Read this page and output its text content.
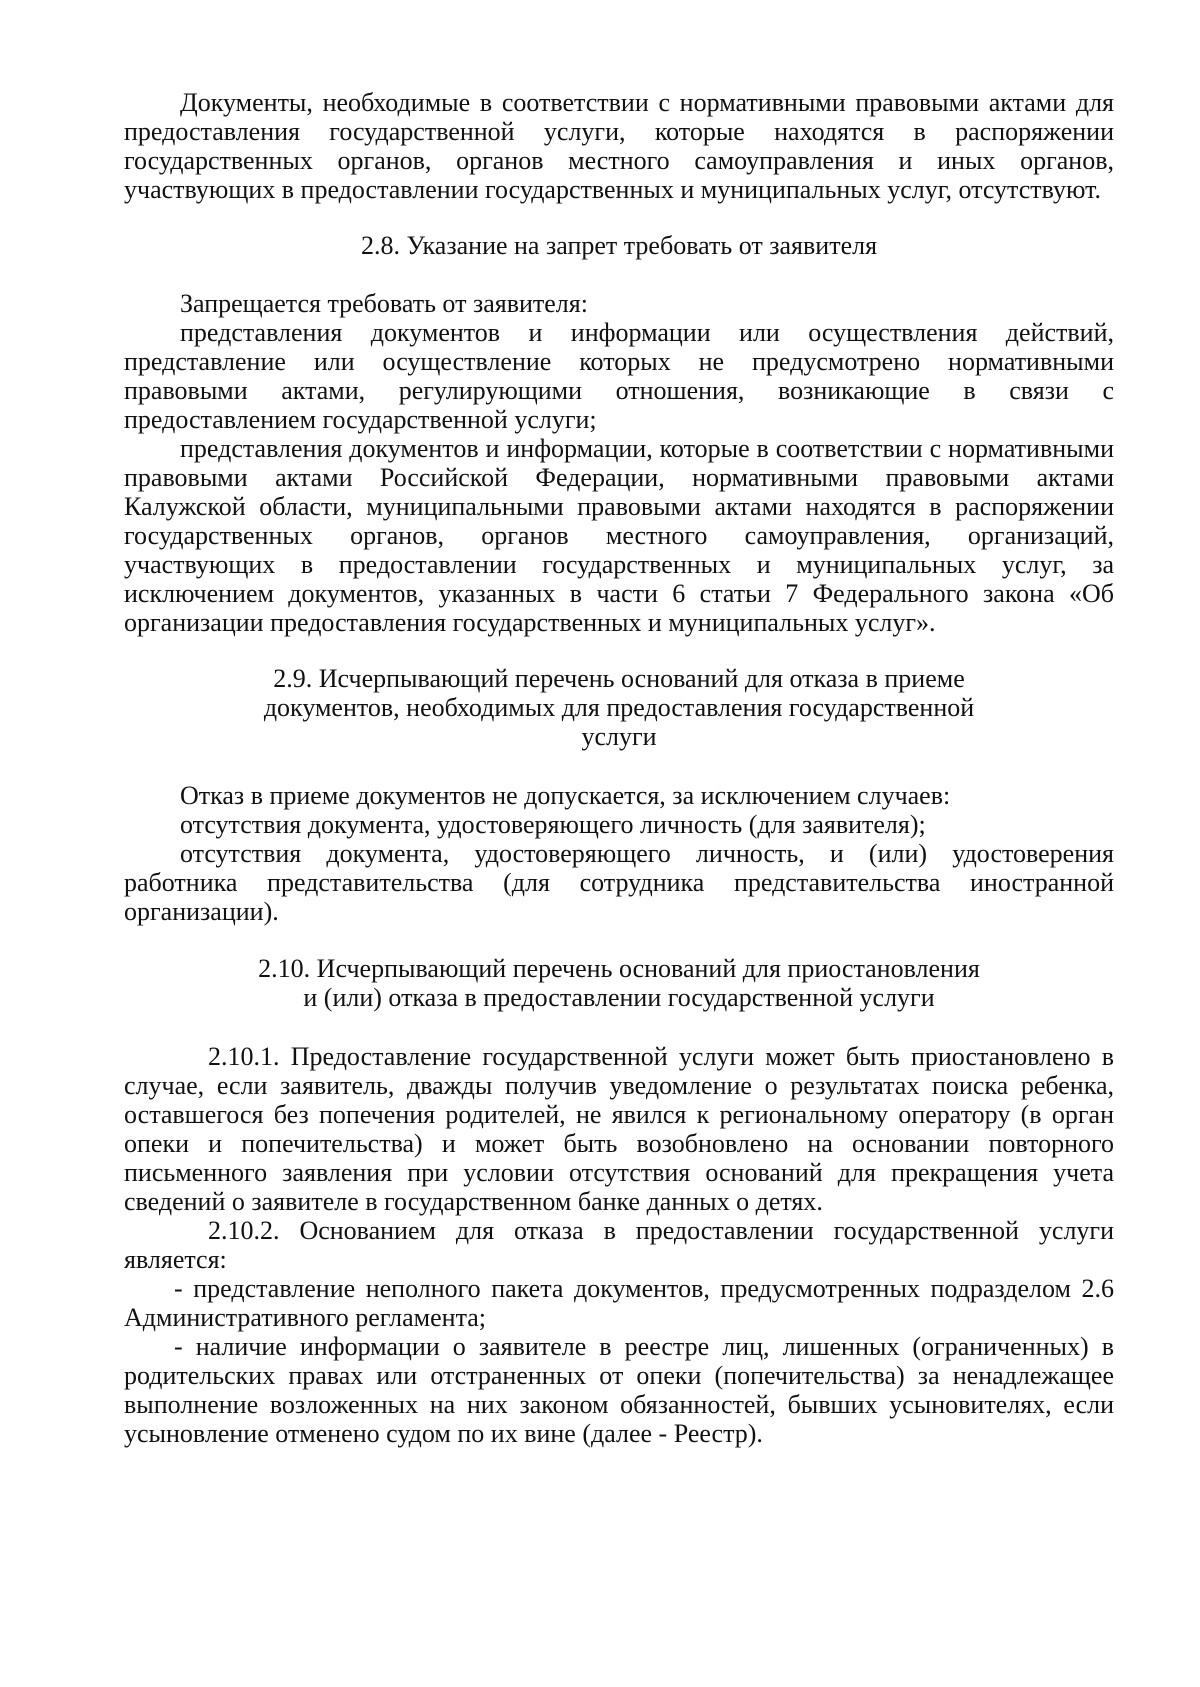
Документы, необходимые в соответствии с нормативными правовыми актами для предоставления государственной услуги, которые находятся в распоряжении государственных органов, органов местного самоуправления и иных органов, участвующих в предоставлении государственных и муниципальных услуг, отсутствуют.

2.8. Указание на запрет требовать от заявителя

Запрещается требовать от заявителя:

представления документов и информации или осуществления действий, представление или осуществление которых не предусмотрено нормативными правовыми актами, регулирующими отношения, возникающие в связи с предоставлением государственной услуги;

представления документов и информации, которые в соответствии с нормативными правовыми актами Российской Федерации, нормативными правовыми актами Калужской области, муниципальными правовыми актами находятся в распоряжении государственных органов, органов местного самоуправления, организаций, участвующих в предоставлении государственных и муниципальных услуг, за исключением документов, указанных в части 6 статьи 7 Федерального закона «Об организации предоставления государственных и муниципальных услуг».

2.9. Исчерпывающий перечень оснований для отказа в приеме документов, необходимых для предоставления государственной услуги

Отказ в приеме документов не допускается, за исключением случаев:

отсутствия документа, удостоверяющего личность (для заявителя);

отсутствия документа, удостоверяющего личность, и (или) удостоверения работника представительства (для сотрудника представительства иностранной организации).

2.10. Исчерпывающий перечень оснований для приостановления
и (или) отказа в предоставлении государственной услуги

2.10.1. Предоставление государственной услуги может быть приостановлено в случае, если заявитель, дважды получив уведомление о результатах поиска ребенка, оставшегося без попечения родителей, не явился к региональному оператору (в орган опеки и попечительства) и может быть возобновлено на основании повторного письменного заявления при условии отсутствия оснований для прекращения учета сведений о заявителе в государственном банке данных о детях.

2.10.2. Основанием для отказа в предоставлении государственной услуги является:

- представление неполного пакета документов, предусмотренных подразделом 2.6 Административного регламента;

- наличие информации о заявителе в реестре лиц, лишенных (ограниченных) в родительских правах или отстраненных от опеки (попечительства) за ненадлежащее выполнение возложенных на них законом обязанностей, бывших усыновителях, если усыновление отменено судом по их вине (далее - Реестр).
